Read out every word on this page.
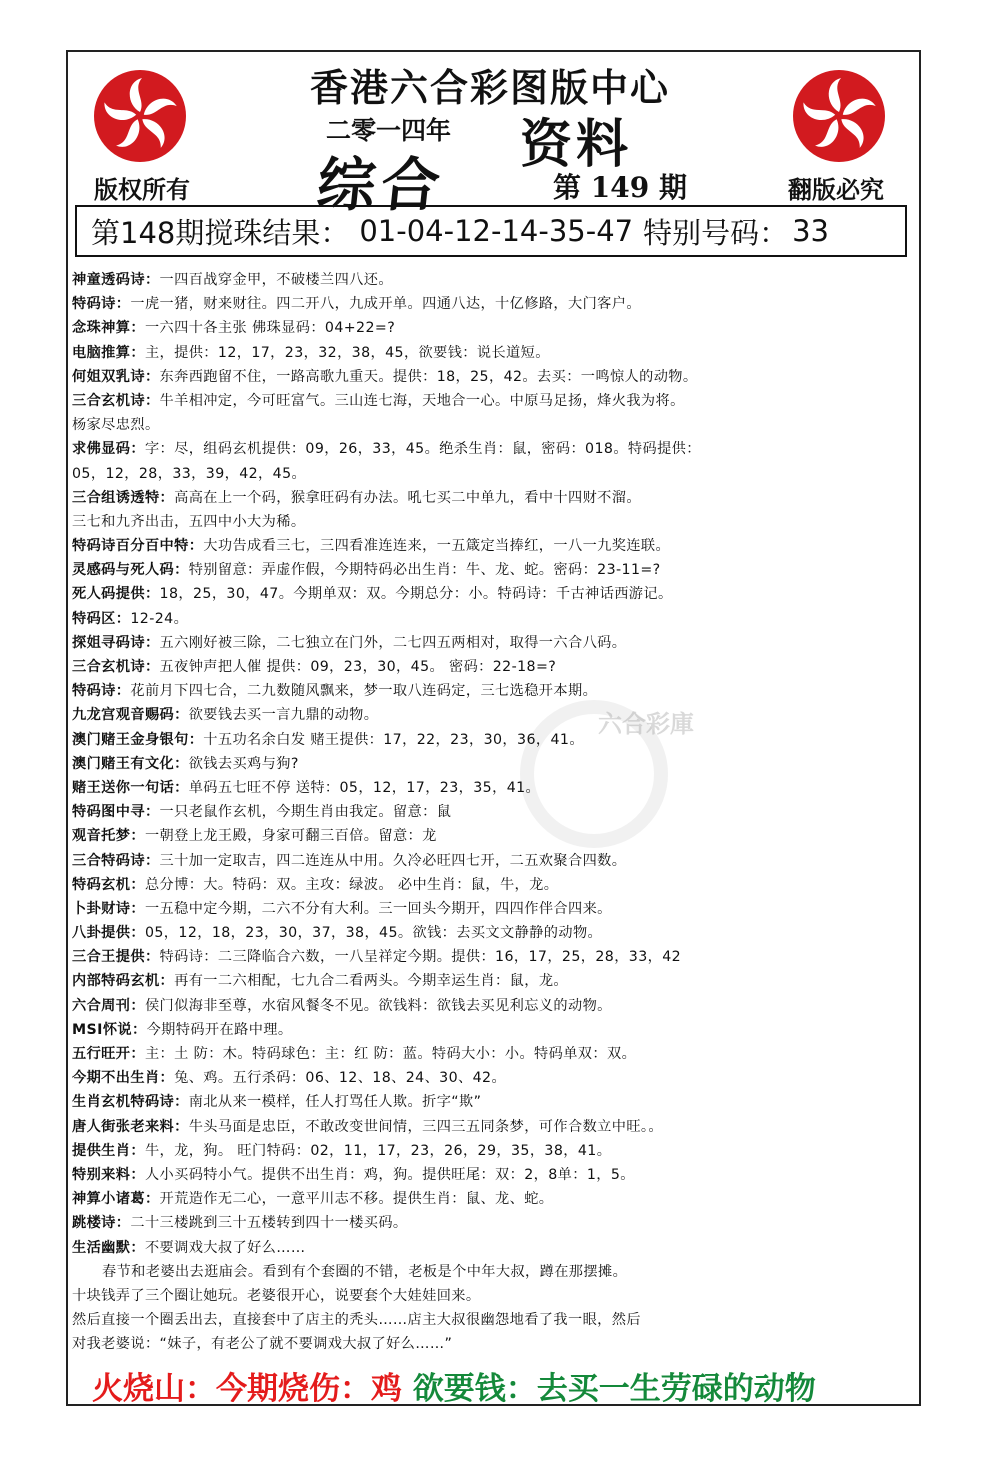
香港六合彩图版中心
二零一四年 资料
综合	第 149 期
版权所有	翻版必究
第148期搅珠结果： 01-04-12-14-35-47 特别号码： 33
六合彩庫
神童透码诗：一四百战穿金甲，不破楼兰四八还。
特码诗：一虎一猪，财来财往。四二开八，九成开单。四通八达，十亿修路，大门客户。
念珠神算：一六四十各主张 佛珠显码：04+22=?
电脑推算：主，提供：12，17，23，32，38，45，欲要钱：说长道短。
何姐双乳诗：东奔西跑留不住，一路高歌九重天。提供：18，25，42。去买：一鸣惊人的动物。
三合玄机诗：牛羊相冲定，今可旺富气。三山连七海，天地合一心。中原马足扬，烽火我为将。
杨家尽忠烈。
求佛显码：字：尽，组码玄机提供：09，26，33，45。绝杀生肖：鼠，密码：018。特码提供：
05，12，28，33，39，42，45。
三合组诱透特：高高在上一个码，猴拿旺码有办法。吼七买二中单九，看中十四财不溜。
三七和九齐出击，五四中小大为稀。
特码诗百分百中特：大功告成看三七，三四看准连连来，一五箴定当捧红，一八一九奖连联。
灵感码与死人码：特别留意：弄虚作假，今期特码必出生肖：牛、龙、蛇。密码：23-11=?
死人码提供：18，25，30，47。今期单双：双。今期总分：小。特码诗：千古神话西游记。
特码区：12-24。
探姐寻码诗：五六刚好被三除，二七独立在门外，二七四五两相对，取得一六合八码。
三合玄机诗：五夜钟声把人催 提供：09，23，30，45。 密码：22-18=?
特码诗：花前月下四七合，二九数随风飘来，梦一取八连码定，三七选稳开本期。
九龙宫观音赐码：欲要钱去买一言九鼎的动物。
澳门赌王金身银句：十五功名余白发 赌王提供：17，22，23，30，36，41。
澳门赌王有文化：欲钱去买鸡与狗?
赌王送你一句话：单码五七旺不停 送特：05，12，17，23，35，41。
特码图中寻：一只老鼠作玄机，今期生肖由我定。留意：鼠
观音托梦：一朝登上龙王殿，身家可翻三百倍。留意：龙
三合特码诗：三十加一定取吉，四二连连从中用。久冷必旺四七开，二五欢聚合四数。
特码玄机：总分博：大。特码：双。主攻：绿波。 必中生肖：鼠，牛，龙。
卜卦财诗：一五稳中定今期，二六不分有大利。三一回头今期开，四四作伴合四来。
八卦提供：05，12，18，23，30，37，38，45。欲钱：去买文文静静的动物。
三合王提供：特码诗：二三降临合六数，一八呈祥定今期。提供：16，17，25，28，33，42
内部特码玄机：再有一二六相配，七九合二看两头。今期幸运生肖：鼠，龙。
六合周刊：侯门似海非至尊，水宿风餐冬不见。欲钱料：欲钱去买见利忘义的动物。
MSI怀说：今期特码开在路中理。
五行旺开：主：土 防：木。特码球色：主：红 防：蓝。特码大小：小。特码单双：双。
今期不出生肖：兔、鸡。五行杀码：06、12、18、24、30、42。
生肖玄机特码诗：南北从来一模样，任人打骂任人欺。折字“欺”
唐人街张老来料：牛头马面是忠臣，不敢改变世间情，三四三五同条梦，可作合数立中旺。。
提供生肖：牛，龙，狗。 旺门特码：02，11，17，23，26，29，35，38，41。
特别来料：人小买码特小气。提供不出生肖：鸡，狗。提供旺尾：双：2，8单：1，5。
神算小诸葛：开荒造作无二心，一意平川志不移。提供生肖：鼠、龙、蛇。
跳楼诗：二十三楼跳到三十五楼转到四十一楼买码。
生活幽默：不要调戏大叔了好么……
春节和老婆出去逛庙会。看到有个套圈的不错，老板是个中年大叔，蹲在那摆摊。
十块钱弄了三个圈让她玩。老婆很开心，说要套个大娃娃回来。
然后直接一个圈丢出去，直接套中了店主的秃头……店主大叔很幽怨地看了我一眼，然后
对我老婆说：“妹子，有老公了就不要调戏大叔了好么……”
火烧山：今期烧伤：鸡 欲要钱：去买一生劳碌的动物
